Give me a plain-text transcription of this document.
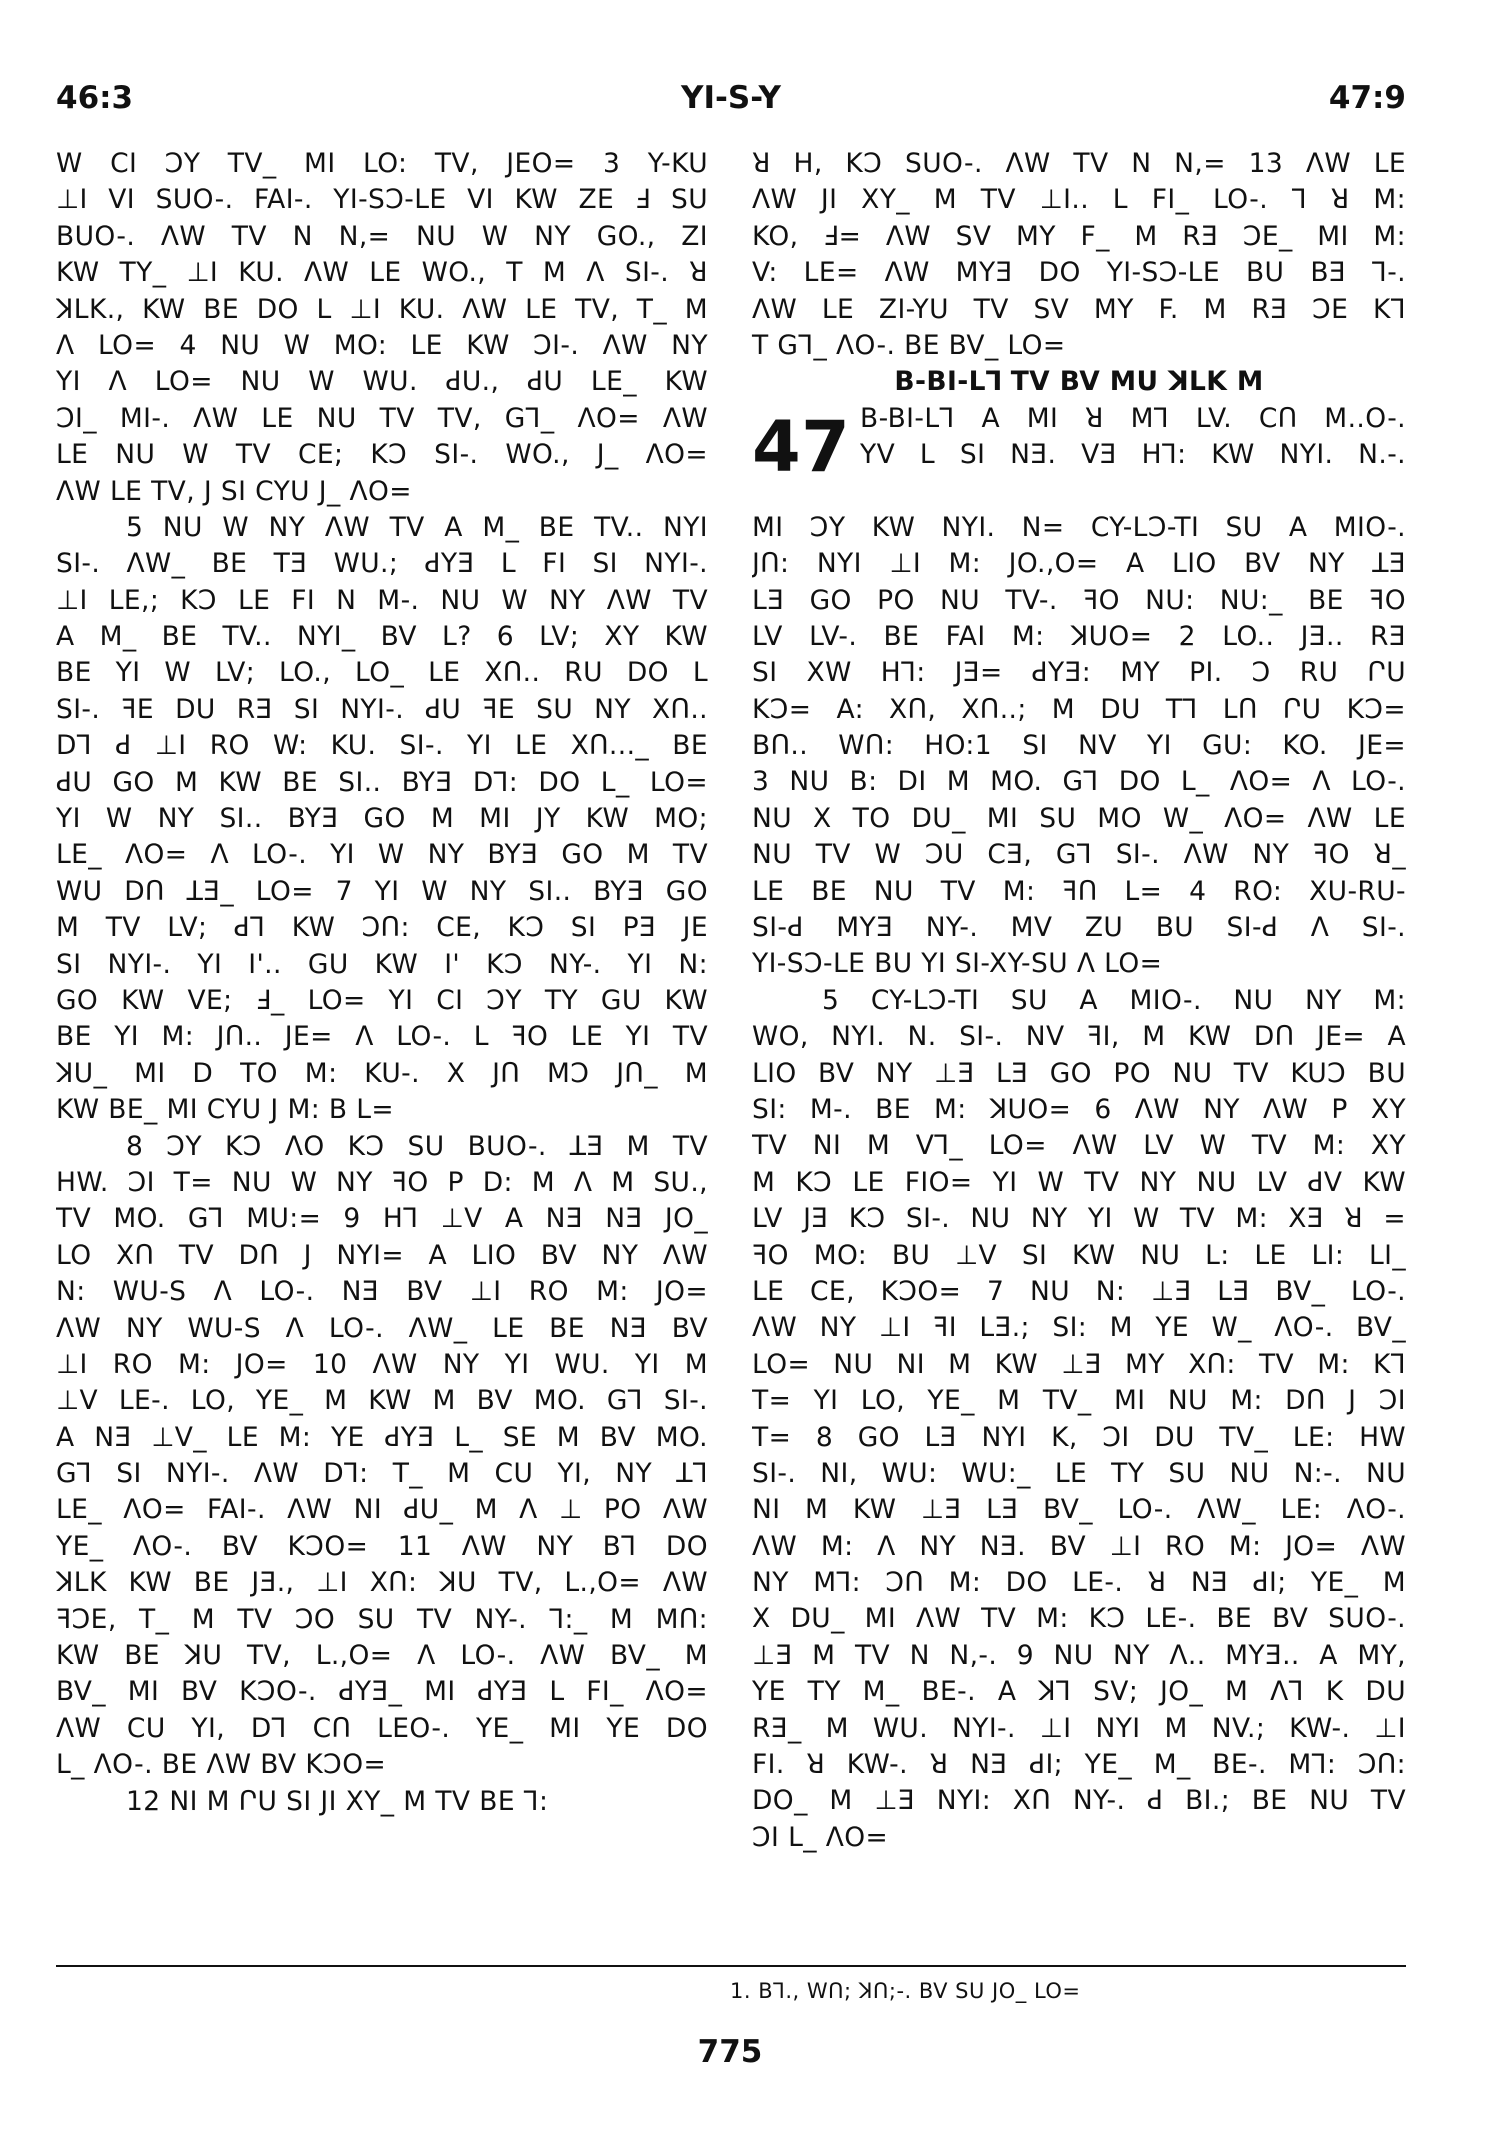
46:3	YI-S-Y	47:9
W CI ƆY TV_ MI LO: TV, JEO= 3 Y-KU
⊥I VI SUO-. FAI-. YI-SƆ-LE VI KW ZE Ⅎ SU
BUO-. ɅW TV N N,= NU W NY GO., ZI
KW TY_ ⊥I KU. ɅW LE WO., T M Ʌ SI-. ꓤ
ꓘLK., KW BE DO L ⊥I KU. ɅW LE TV, T_ M
Ʌ LO= 4 NU W MO: LE KW ƆI-. ɅW NY
YI Ʌ LO= NU W WU. ꓒU., ꓒU LE_ KW
ƆI_ MI-. ɅW LE NU TV TV, Gꓶ_ ɅO= ɅW
LE NU W TV CE; KƆ SI-. WO., J_ ɅO=
ɅW LE TV, J SI CYU J_ ɅO=
5 NU W NY ɅW TV A M_ BE TV.. NYI
SI-. ɅW_ BE TƎ WU.; ꓒYƎ L FI SI NYI-.
⊥I LE,; KƆ LE FI N M-. NU W NY ɅW TV
A M_ BE TV.. NYI_ BV L? 6 LV; XY KW
BE YI W LV; LO., LO_ LE XՈ.. RU DO L
SI-. ꟻE DU RƎ SI NYI-. ꓒU ꟻE SU NY XՈ..
Dꓶ ꓒ ⊥I RO W: KU. SI-. YI LE XՈ..._ BE
ꓒU GO M KW BE SI.. BYƎ Dꓶ: DO L_ LO=
YI W NY SI.. BYƎ GO M MI JY KW MO;
LE_ ɅO= Ʌ LO-. YI W NY BYƎ GO M TV
WU DՈ ꓕƎ_ LO= 7 YI W NY SI.. BYƎ GO
M TV LV; ꓒꓶ KW ƆՈ: CE, KƆ SI PƎ JE
SI NYI-. YI I'.. GU KW I' KƆ NY-. YI N:
GO KW VE; Ⅎ_ LO= YI CI ƆY TY GU KW
BE YI M: JՈ.. JE= Ʌ LO-. L ꟻO LE YI TV
ꓘU_ MI D TO M: KU-. X JՈ MƆ JՈ_ M
KW BE_ MI CYU J M: B L=
8 ƆY KƆ ɅO KƆ SU BUO-. ꓕƎ M TV
HW. ƆI T= NU W NY ꟻO P D: M Ʌ M SU.,
TV MO. Gꓶ MU:= 9 Hꓶ ⊥V A NƎ NƎ JO_
LO XՈ TV DՈ J NYI= A LIO BV NY ɅW
N: WU-S Ʌ LO-. NƎ BV ⊥I RO M: JO=
ɅW NY WU-S Ʌ LO-. ɅW_ LE BE NƎ BV
⊥I RO M: JO= 10 ɅW NY YI WU. YI M
⊥V LE-. LO, YE_ M KW M BV MO. Gꓶ SI-.
A NƎ ⊥V_ LE M: YE ꓒYƎ L_ SE M BV MO.
Gꓶ SI NYI-. ɅW Dꓶ: T_ M CU YI, NY ꓕꓶ
LE_ ɅO= FAI-. ɅW NI ꓒU_ M Ʌ ⊥ PO ɅW
YE_ ɅO-. BV KƆO= 11 ɅW NY Bꓶ DO
ꓘLK KW BE JƎ., ⊥I XՈ: ꓘU TV, L.,O= ɅW
ꟻƆE, T_ M TV ƆO SU TV NY-. ꓶ:_ M MՈ:
KW BE ꓘU TV, L.,O= Ʌ LO-. ɅW BV_ M
BV_ MI BV KƆO-. ꓒYƎ_ MI ꓒYƎ L FI_ ɅO=
ɅW CU YI, Dꓶ CՈ LEO-. YE_ MI YE DO
L_ ɅO-. BE ɅW BV KƆO=
12 NI M ՐU SI JI XY_ M TV BE ꓶ:
ꓤ H, KƆ SUO-. ɅW TV N N,= 13 ɅW LE
ɅW JI XY_ M TV ⊥I.. L FI_ LO-. ꓶ ꓤ M:
KO, Ⅎ= ɅW SV MY F_ M RƎ ƆE_ MI M:
V: LE= ɅW MYƎ DO YI-SƆ-LE BU BƎ ꓶ-.
ɅW LE ZI-YU TV SV MY F. M RƎ ƆE Kꓶ
T Gꓶ_ ɅO-. BE BV_ LO=
B-BI-Lꓶ TV BV MU ꓘLK M
47 B-BI-Lꓶ A MI ꓤ Mꓶ LV. CՈ M..O-.
YV L SI NƎ. VƎ Hꓶ: KW NYI. N.-.
MI ƆY KW NYI. N= CY-LƆ-TI SU A MIO-.
JՈ: NYI ⊥I M: JO.,O= A LIO BV NY ꓕƎ
LƎ GO PO NU TV-. ꟻO NU: NU:_ BE ꟻO
LV LV-. BE FAI M: ꓘUO= 2 LO.. JƎ.. RƎ
SI XW Hꓶ: JƎ= ꓒYƎ: MY PI. Ɔ RU ՐU
KƆ= A: XՈ, XՈ..; M DU Tꓶ LՈ ՐU KƆ=
BՈ.. WՈ: HO:1 SI NV YI GU: KO. JE=
3 NU B: DI M MO. Gꓶ DO L_ ɅO= Ʌ LO-.
NU X TO DU_ MI SU MO W_ ɅO= ɅW LE
NU TV W ƆU CƎ, Gꓶ SI-. ɅW NY ꟻO ꓤ_
LE BE NU TV M: ꟻՈ L= 4 RO: XU-RU-
SI-ꓒ MYƎ NY-. MV ZU BU SI-ꓒ Ʌ SI-.
YI-SƆ-LE BU YI SI-XY-SU Ʌ LO=
5 CY-LƆ-TI SU A MIO-. NU NY M:
WO, NYI. N. SI-. NV ꟻI, M KW DՈ JE= A
LIO BV NY ⊥Ǝ LƎ GO PO NU TV KUƆ BU
SI: M-. BE M: ꓘUO= 6 ɅW NY ɅW P XY
TV NI M Vꓶ_ LO= ɅW LV W TV M: XY
M KƆ LE FIO= YI W TV NY NU LV ꓒV KW
LV JƎ KƆ SI-. NU NY YI W TV M: XƎ ꓤ =
ꟻO MO: BU ⊥V SI KW NU L: LE LI: LI_
LE CE, KƆO= 7 NU N: ⊥Ǝ LƎ BV_ LO-.
ɅW NY ⊥I ꟻI LƎ.; SI: M YE W_ ɅO-. BV_
LO= NU NI M KW ⊥Ǝ MY XՈ: TV M: Kꓶ
T= YI LO, YE_ M TV_ MI NU M: DՈ J ƆI
T= 8 GO LƎ NYI K, ƆI DU TV_ LE: HW
SI-. NI, WU: WU:_ LE TY SU NU N:-. NU
NI M KW ⊥Ǝ LƎ BV_ LO-. ɅW_ LE: ɅO-.
ɅW M: Ʌ NY NƎ. BV ⊥I RO M: JO= ɅW
NY Mꓶ: ƆՈ M: DO LE-. ꓤ NƎ ꓒI; YE_ M
X DU_ MI ɅW TV M: KƆ LE-. BE BV SUO-.
⊥Ǝ M TV N N,-. 9 NU NY Ʌ.. MYƎ.. A MY,
YE TY M_ BE-. A ꓘꓶ SV; JO_ M Ʌꓶ K DU
RƎ_ M WU. NYI-. ⊥I NYI M NV.; KW-. ⊥I
FI. ꓤ KW-. ꓤ NƎ ꓒI; YE_ M_ BE-. Mꓶ: ƆՈ:
DO_ M ⊥Ǝ NYI: XՈ NY-. ꓒ BI.; BE NU TV
ƆI L_ ɅO=
1. Bꓶ., WՈ; ꓘՈ;-. BV SU JO_ LO=
775
